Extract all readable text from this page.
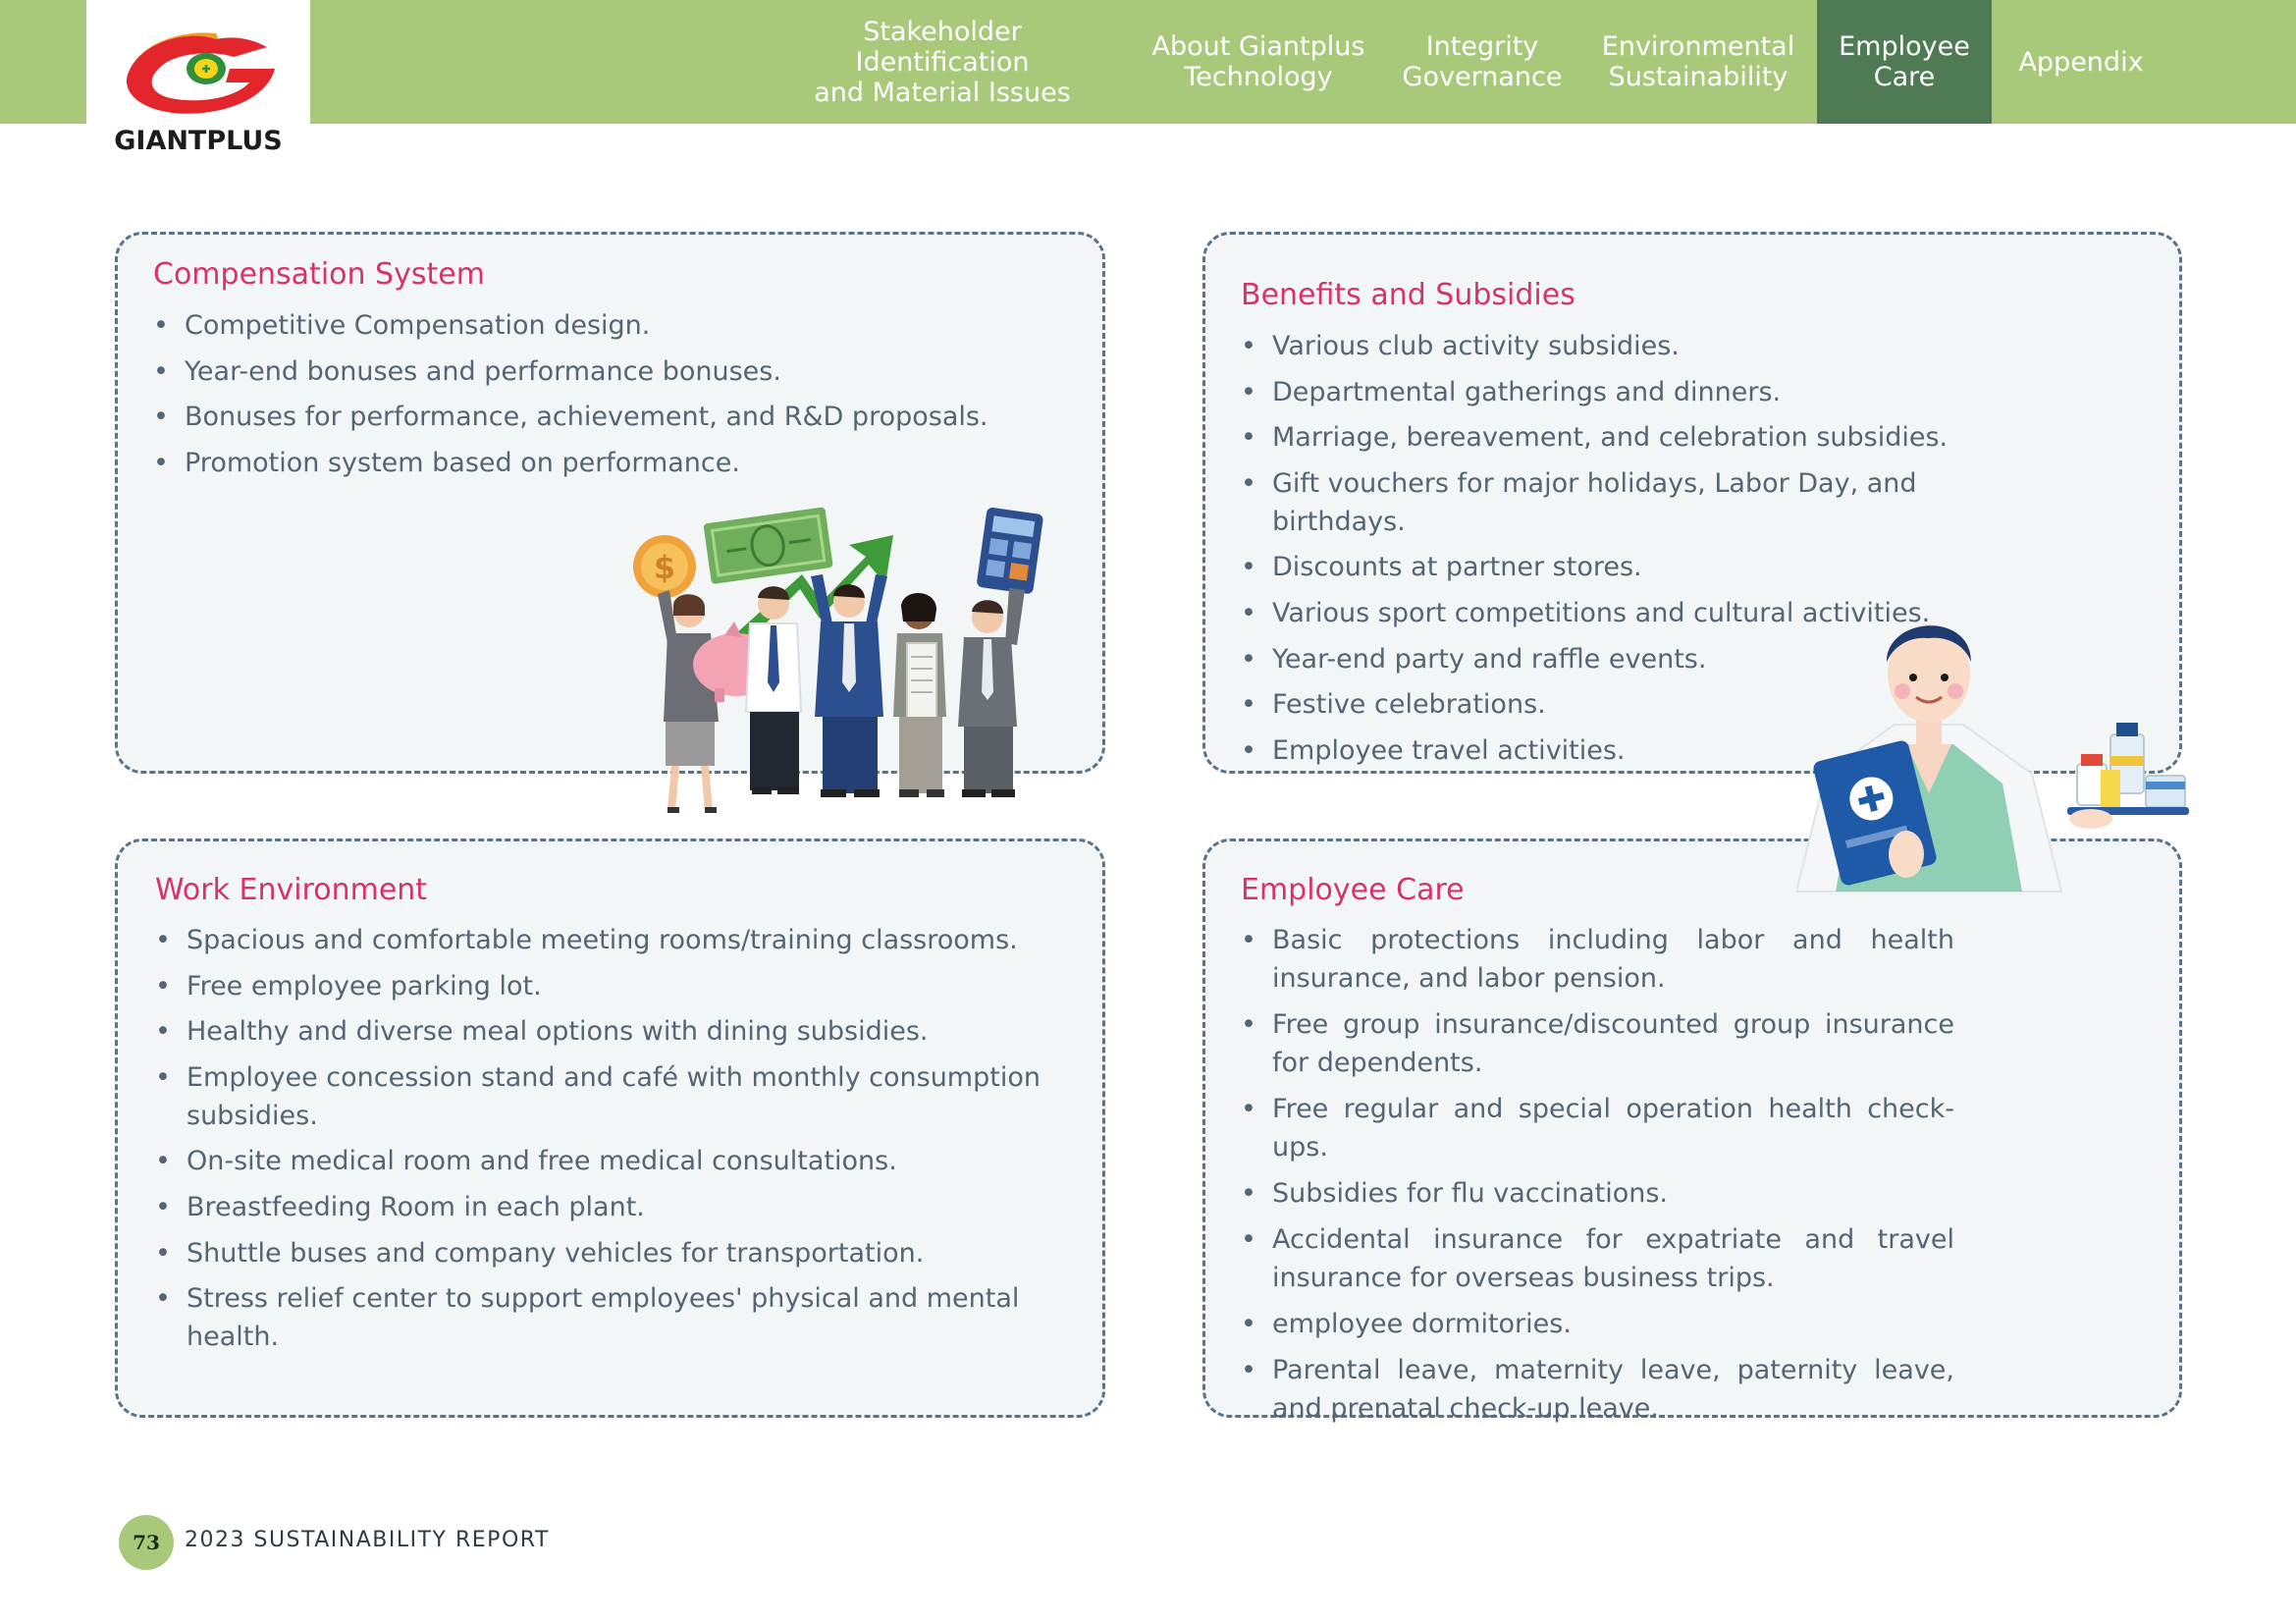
GIANTPLUS
Stakeholder Identification
and Material Issues
About Giantplus
Technology
Integrity
Governance
Environmental
Sustainability
Employee
Care	Appendix
Compensation System
• Competitive Compensation design.
• Year-end bonuses and performance bonuses.
• Bonuses for performance, achievement, and R&D proposals.
• Promotion system based on performance.
Benefits and Subsidies
• Various club activity subsidies.
• Departmental gatherings and dinners.
• Marriage, bereavement, and celebration subsidies.
• Gift vouchers for major holidays, Labor Day, and birthdays.
• Discounts at partner stores.
• Various sport competitions and cultural activities.
• Year-end party and raffle events.
• Festive celebrations.
• Employee travel activities.
Work Environment
• Spacious and comfortable meeting rooms/training classrooms.
• Free employee parking lot.
• Healthy and diverse meal options with dining subsidies.
• Employee concession stand and café with monthly consumption subsidies.
• On-site medical room and free medical consultations.
• Breastfeeding Room in each plant.
• Shuttle buses and company vehicles for transportation.
• Stress relief center to support employees' physical and mental health.
Employee Care
• Basic protections including labor and health insurance, and labor pension.
• Free group insurance/discounted group insurance for dependents.
• Free regular and special operation health check-ups.
• Subsidies for flu vaccinations.
• Accidental insurance for expatriate and travel insurance for overseas business trips.
• employee dormitories.
• Parental leave, maternity leave, paternity leave, and prenatal check-up leave.
$
73	2023 SUSTAINABILITY REPORT
